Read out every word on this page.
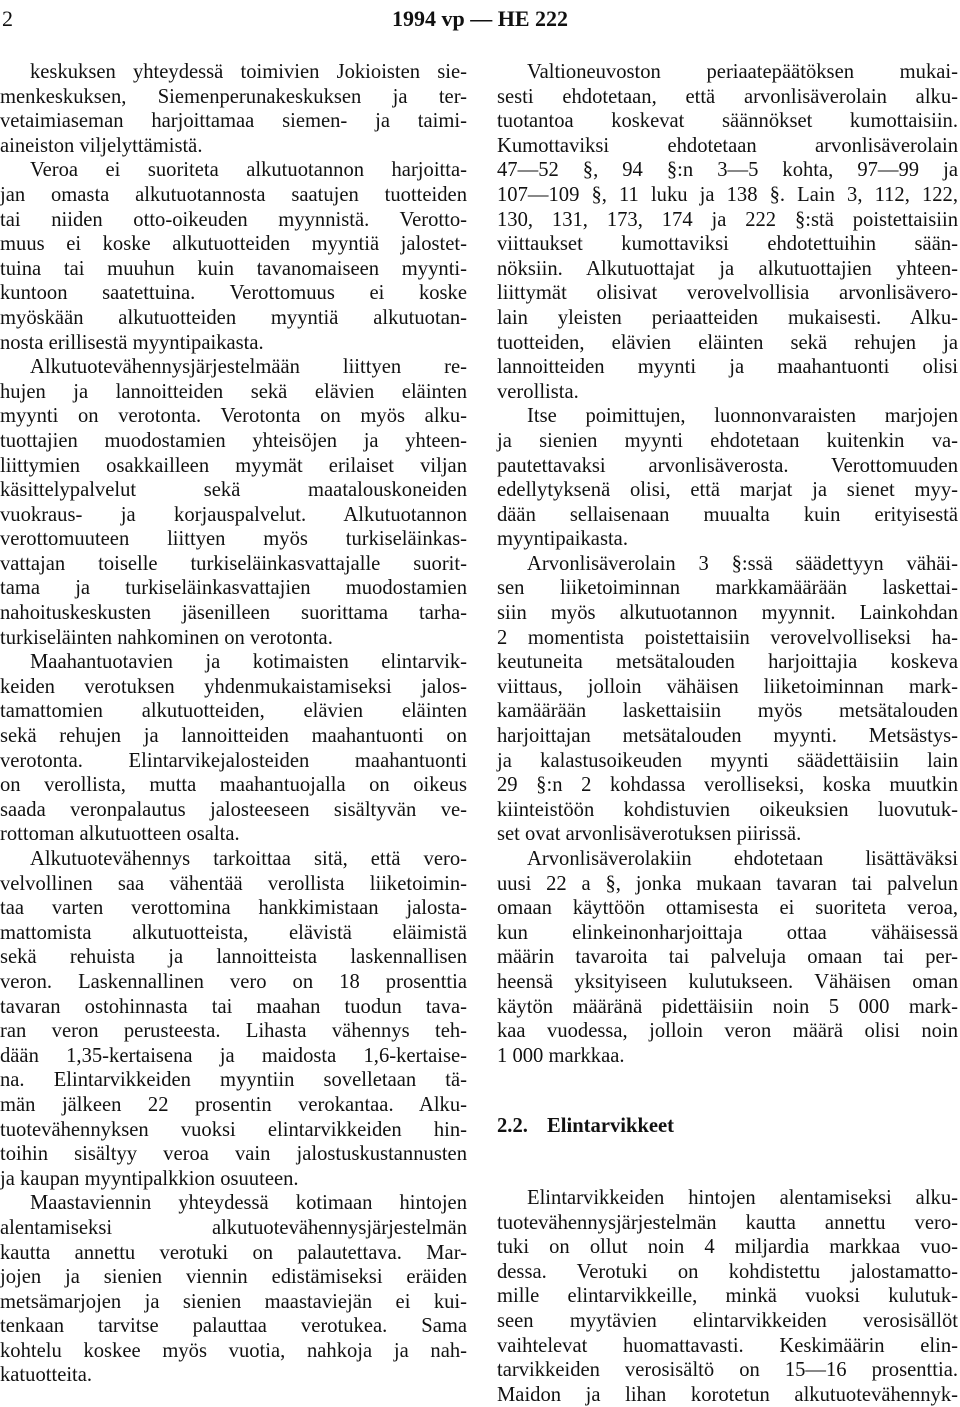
2	1994 vp — HE 222
keskuksen yhteydessä toimivien Jokioisten sie-
menkeskuksen, Siemenperunakeskuksen ja ter-
vetaimiaseman harjoittamaa siemen- ja taimi-
aineiston viljelyttämistä.
Veroa ei suoriteta alkutuotannon harjoitta-
jan omasta alkutuotannosta saatujen tuotteiden
tai niiden otto-oikeuden myynnistä. Verotto-
muus ei koske alkutuotteiden myyntiä jalostet-
tuina tai muuhun kuin tavanomaiseen myynti-
kuntoon saatettuina. Verottomuus ei koske
myöskään alkutuotteiden myyntiä alkutuotan-
nosta erillisestä myyntipaikasta.
Alkutuotevähennysjärjestelmään liittyen re-
hujen ja lannoitteiden sekä elävien eläinten
myynti on verotonta. Verotonta on myös alku-
tuottajien muodostamien yhteisöjen ja yhteen-
liittymien osakkailleen myymät erilaiset viljan
käsittelypalvelut sekä maatalouskoneiden
vuokraus- ja korjauspalvelut. Alkutuotannon
verottomuuteen liittyen myös turkiseläinkas-
vattajan toiselle turkiseläinkasvattajalle suorit-
tama ja turkiseläinkasvattajien muodostamien
nahoituskeskusten jäsenilleen suorittama tarha-
turkiseläinten nahkominen on verotonta.
Maahantuotavien ja kotimaisten elintarvik-
keiden verotuksen yhdenmukaistamiseksi jalos-
tamattomien alkutuotteiden, elävien eläinten
sekä rehujen ja lannoitteiden maahantuonti on
verotonta. Elintarvikejalosteiden maahantuonti
on verollista, mutta maahantuojalla on oikeus
saada veronpalautus jalosteeseen sisältyvän ve-
rottoman alkutuotteen osalta.
Alkutuotevähennys tarkoittaa sitä, että vero-
velvollinen saa vähentää verollista liiketoimin-
taa varten verottomina hankkimistaan jalosta-
mattomista alkutuotteista, elävistä eläimistä
sekä rehuista ja lannoitteista laskennallisen
veron. Laskennallinen vero on 18 prosenttia
tavaran ostohinnasta tai maahan tuodun tava-
ran veron perusteesta. Lihasta vähennys teh-
dään 1,35-kertaisena ja maidosta 1,6-kertaise-
na. Elintarvikkeiden myyntiin sovelletaan tä-
män jälkeen 22 prosentin verokantaa. Alku-
tuotevähennyksen vuoksi elintarvikkeiden hin-
toihin sisältyy veroa vain jalostuskustannusten
ja kaupan myyntipalkkion osuuteen.
Maastaviennin yhteydessä kotimaan hintojen
alentamiseksi alkutuotevähennysjärjestelmän
kautta annettu verotuki on palautettava. Mar-
jojen ja sienien viennin edistämiseksi eräiden
metsämarjojen ja sienien maastaviejän ei kui-
tenkaan tarvitse palauttaa verotukea. Sama
kohtelu koskee myös vuotia, nahkoja ja nah-
katuotteita.
Valtioneuvoston periaatepäätöksen mukai-
sesti ehdotetaan, että arvonlisäverolain alku-
tuotantoa koskevat säännökset kumottaisiin.
Kumottaviksi ehdotetaan arvonlisäverolain
47—52 §, 94 §:n 3—5 kohta, 97—99 ja
107—109 §, 11 luku ja 138 §. Lain 3, 112, 122,
130, 131, 173, 174 ja 222 §:stä poistettaisiin
viittaukset kumottaviksi ehdotettuihin sään-
nöksiin. Alkutuottajat ja alkutuottajien yhteen-
liittymät olisivat verovelvollisia arvonlisävero-
lain yleisten periaatteiden mukaisesti. Alku-
tuotteiden, elävien eläinten sekä rehujen ja
lannoitteiden myynti ja maahantuonti olisi
verollista.
Itse poimittujen, luonnonvaraisten marjojen
ja sienien myynti ehdotetaan kuitenkin va-
pautettavaksi arvonlisäverosta. Verottomuuden
edellytyksenä olisi, että marjat ja sienet myy-
dään sellaisenaan muualta kuin erityisestä
myyntipaikasta.
Arvonlisäverolain 3 §:ssä säädettyyn vähäi-
sen liiketoiminnan markkamäärään laskettai-
siin myös alkutuotannon myynnit. Lainkohdan
2 momentista poistettaisiin verovelvolliseksi ha-
keutuneita metsätalouden harjoittajia koskeva
viittaus, jolloin vähäisen liiketoiminnan mark-
kamäärään laskettaisiin myös metsätalouden
harjoittajan metsätalouden myynti. Metsästys-
ja kalastusoikeuden myynti säädettäisiin lain
29 §:n 2 kohdassa verolliseksi, koska muutkin
kiinteistöön kohdistuvien oikeuksien luovutuk-
set ovat arvonlisäverotuksen piirissä.
Arvonlisäverolakiin ehdotetaan lisättäväksi
uusi 22 a §, jonka mukaan tavaran tai palvelun
omaan käyttöön ottamisesta ei suoriteta veroa,
kun elinkeinonharjoittaja ottaa vähäisessä
määrin tavaroita tai palveluja omaan tai per-
heensä yksityiseen kulutukseen. Vähäisen oman
käytön määränä pidettäisiin noin 5 000 mark-
kaa vuodessa, jolloin veron määrä olisi noin
1 000 markkaa.
2.2. Elintarvikkeet
Elintarvikkeiden hintojen alentamiseksi alku-
tuotevähennysjärjestelmän kautta annettu vero-
tuki on ollut noin 4 miljardia markkaa vuo-
dessa. Verotuki on kohdistettu jalostamatto-
mille elintarvikkeille, minkä vuoksi kulutuk-
seen myytävien elintarvikkeiden verosisällöt
vaihtelevat huomattavasti. Keskimäärin elin-
tarvikkeiden verosisältö on 15—16 prosenttia.
Maidon ja lihan korotetun alkutuotevähennyk-
